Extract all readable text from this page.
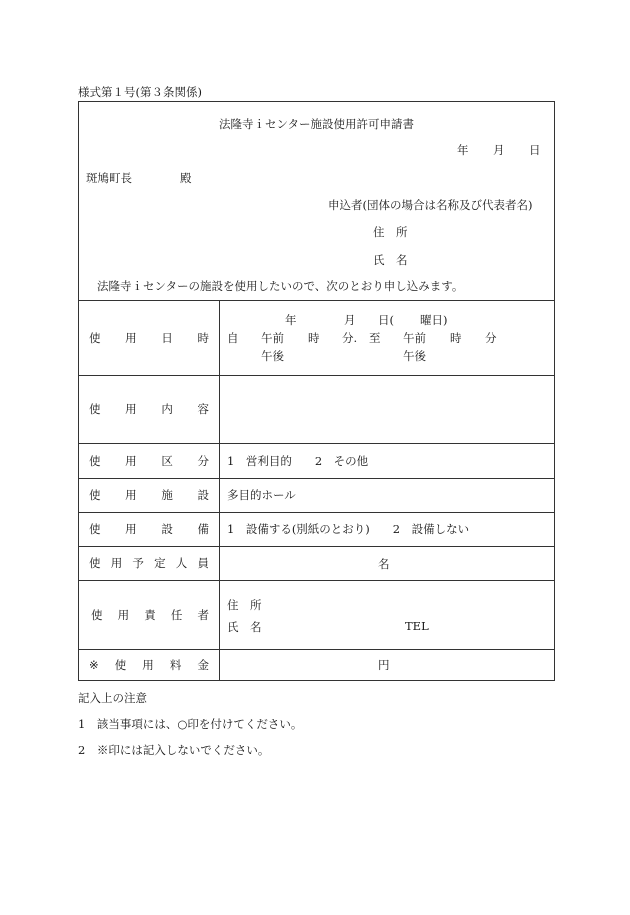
様式第１号(第３条関係)
法隆寺ｉセンター施設使用許可申請書
年 月 日
斑鳩町長	殿
申込者(団体の場合は名称及び代表者名)
住　所
氏　名
法隆寺ｉセンターの施設を使用したいので、次のとおり申し込みます。
使 用 日 時
年	月 日( 曜日)
自 午前 時 分. 至 午前 時 分
午後	午後
使 用 内 容
使 用 区 分 1　営利目的　　2　その他
使 用 施 設 多目的ホール
使 用 設 備 1　設備する(別紙のとおり)　　2　設備しない
使 用 予 定 人 員	名
使 用 責 任 者
住　所
氏　名	TEL
※ 使 用 料 金	円
記入上の注意
1　該当事項には、○印を付けてください。
2　※印には記入しないでください。
